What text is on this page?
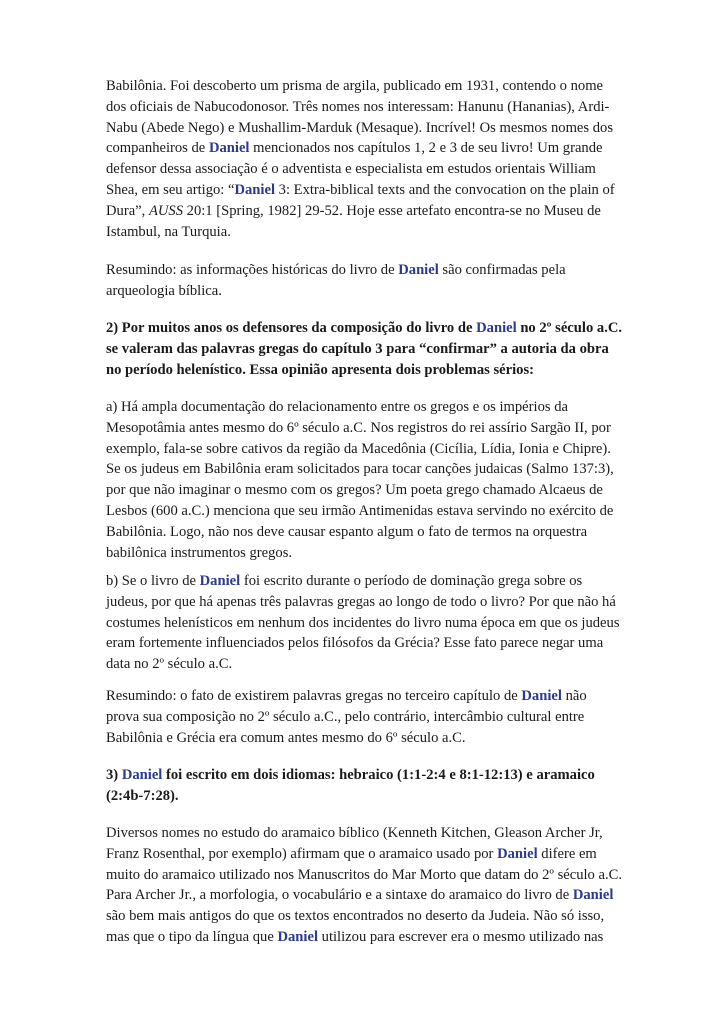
Babilônia. Foi descoberto um prisma de argila, publicado em 1931, contendo o nome
dos oficiais de Nabucodonosor. Três nomes nos interessam: Hanunu (Hananias), Ardi-
Nabu (Abede Nego) e Mushallim-Marduk (Mesaque). Incrível! Os mesmos nomes dos
companheiros de Daniel mencionados nos capítulos 1, 2 e 3 de seu livro! Um grande
defensor dessa associação é o adventista e especialista em estudos orientais William
Shea, em seu artigo: “Daniel 3: Extra-biblical texts and the convocation on the plain of
Dura”, AUSS 20:1 [Spring, 1982] 29-52. Hoje esse artefato encontra-se no Museu de
Istambul, na Turquia.
Resumindo: as informações históricas do livro de Daniel são confirmadas pela
arqueologia bíblica.
2) Por muitos anos os defensores da composição do livro de Daniel no 2º século a.C.
se valeram das palavras gregas do capítulo 3 para “confirmar” a autoria da obra
no período helenístico. Essa opinião apresenta dois problemas sérios:
a) Há ampla documentação do relacionamento entre os gregos e os impérios da
Mesopotâmia antes mesmo do 6º século a.C. Nos registros do rei assírio Sargão II, por
exemplo, fala-se sobre cativos da região da Macedônia (Cicília, Lídia, Ionia e Chipre).
Se os judeus em Babilônia eram solicitados para tocar canções judaicas (Salmo 137:3),
por que não imaginar o mesmo com os gregos? Um poeta grego chamado Alcaeus de
Lesbos (600 a.C.) menciona que seu irmão Antimenidas estava servindo no exército de
Babilônia. Logo, não nos deve causar espanto algum o fato de termos na orquestra
babilônica instrumentos gregos.
b) Se o livro de Daniel foi escrito durante o período de dominação grega sobre os
judeus, por que há apenas três palavras gregas ao longo de todo o livro? Por que não há
costumes helenísticos em nenhum dos incidentes do livro numa época em que os judeus
eram fortemente influenciados pelos filósofos da Grécia? Esse fato parece negar uma
data no 2º século a.C.
Resumindo: o fato de existirem palavras gregas no terceiro capítulo de Daniel não
prova sua composição no 2º século a.C., pelo contrário, intercâmbio cultural entre
Babilônia e Grécia era comum antes mesmo do 6º século a.C.
3) Daniel foi escrito em dois idiomas: hebraico (1:1-2:4 e 8:1-12:13) e aramaico
(2:4b-7:28).
Diversos nomes no estudo do aramaico bíblico (Kenneth Kitchen, Gleason Archer Jr,
Franz Rosenthal, por exemplo) afirmam que o aramaico usado por Daniel difere em
muito do aramaico utilizado nos Manuscritos do Mar Morto que datam do 2º século a.C.
Para Archer Jr., a morfologia, o vocabulário e a sintaxe do aramaico do livro de Daniel
são bem mais antigos do que os textos encontrados no deserto da Judeia. Não só isso,
mas que o tipo da língua que Daniel utilizou para escrever era o mesmo utilizado nas
